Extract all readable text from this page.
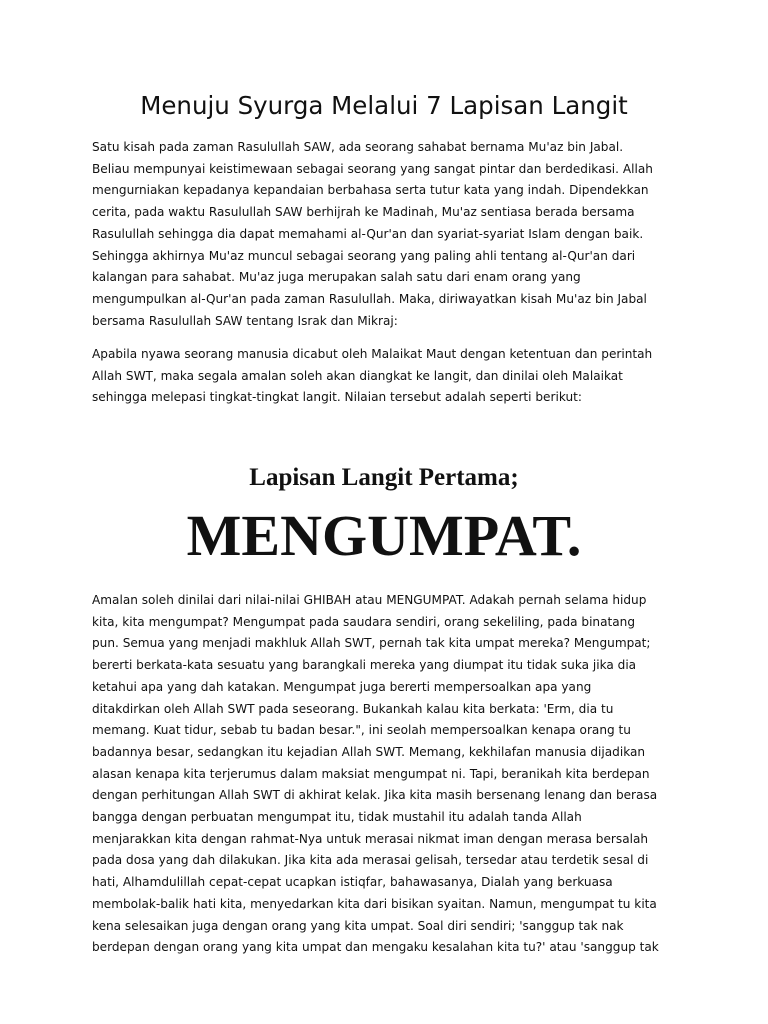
Menuju Syurga Melalui 7 Lapisan Langit

Satu kisah pada zaman Rasulullah SAW, ada seorang sahabat bernama Mu'az bin Jabal.
Beliau mempunyai keistimewaan sebagai seorang yang sangat pintar dan berdedikasi. Allah
mengurniakan kepadanya kepandaian berbahasa serta tutur kata yang indah. Dipendekkan
cerita, pada waktu Rasulullah SAW berhijrah ke Madinah, Mu'az sentiasa berada bersama
Rasulullah sehingga dia dapat memahami al-Qur'an dan syariat-syariat Islam dengan baik.
Sehingga akhirnya Mu'az muncul sebagai seorang yang paling ahli tentang al-Qur'an dari
kalangan para sahabat. Mu'az juga merupakan salah satu dari enam orang yang
mengumpulkan al-Qur'an pada zaman Rasulullah. Maka, diriwayatkan kisah Mu'az bin Jabal
bersama Rasulullah SAW tentang Israk dan Mikraj:

Apabila nyawa seorang manusia dicabut oleh Malaikat Maut dengan ketentuan dan perintah
Allah SWT, maka segala amalan soleh akan diangkat ke langit, dan dinilai oleh Malaikat
sehingga melepasi tingkat-tingkat langit. Nilaian tersebut adalah seperti berikut:

Lapisan Langit Pertama;
MENGUMPAT.

Amalan soleh dinilai dari nilai-nilai GHIBAH atau MENGUMPAT. Adakah pernah selama hidup
kita, kita mengumpat? Mengumpat pada saudara sendiri, orang sekeliling, pada binatang
pun. Semua yang menjadi makhluk Allah SWT, pernah tak kita umpat mereka? Mengumpat;
bererti berkata-kata sesuatu yang barangkali mereka yang diumpat itu tidak suka jika dia
ketahui apa yang dah katakan. Mengumpat juga bererti mempersoalkan apa yang
ditakdirkan oleh Allah SWT pada seseorang. Bukankah kalau kita berkata: 'Erm, dia tu
memang. Kuat tidur, sebab tu badan besar.", ini seolah mempersoalkan kenapa orang tu
badannya besar, sedangkan itu kejadian Allah SWT. Memang, kekhilafan manusia dijadikan
alasan kenapa kita terjerumus dalam maksiat mengumpat ni. Tapi, beranikah kita berdepan
dengan perhitungan Allah SWT di akhirat kelak. Jika kita masih bersenang lenang dan berasa
bangga dengan perbuatan mengumpat itu, tidak mustahil itu adalah tanda Allah
menjarakkan kita dengan rahmat-Nya untuk merasai nikmat iman dengan merasa bersalah
pada dosa yang dah dilakukan. Jika kita ada merasai gelisah, tersedar atau terdetik sesal di
hati, Alhamdulillah cepat-cepat ucapkan istiqfar, bahawasanya, Dialah yang berkuasa
membolak-balik hati kita, menyedarkan kita dari bisikan syaitan. Namun, mengumpat tu kita
kena selesaikan juga dengan orang yang kita umpat. Soal diri sendiri; 'sanggup tak nak
berdepan dengan orang yang kita umpat dan mengaku kesalahan kita tu?' atau 'sanggup tak
